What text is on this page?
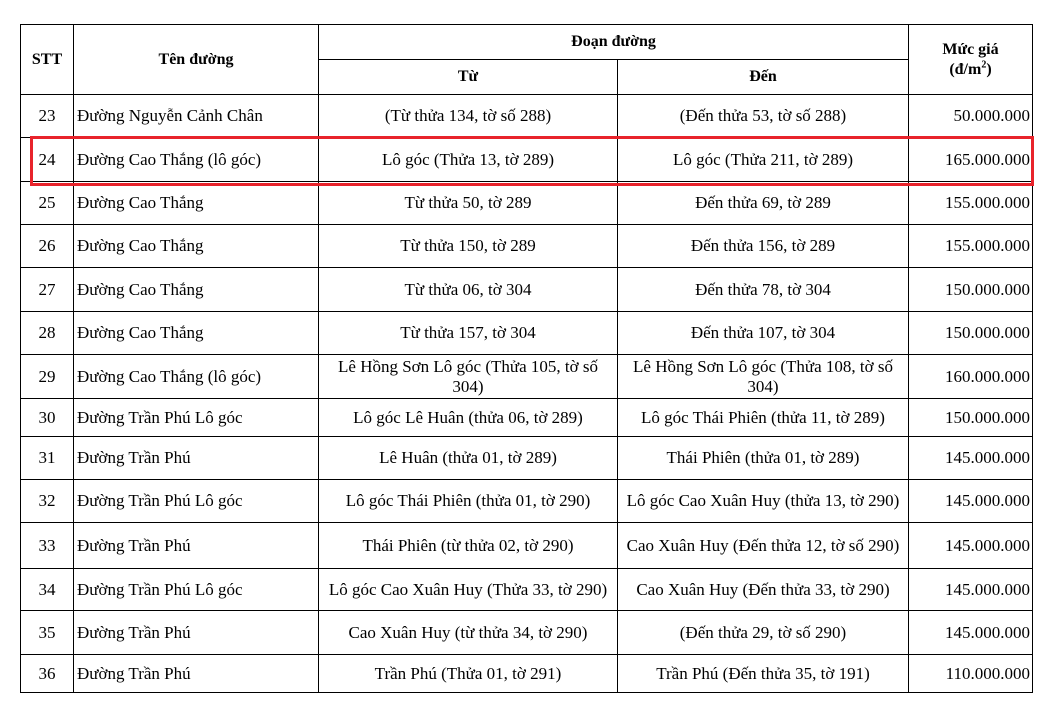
STT	Tên đường	Đoạn đường		Mức giá
$(đ/m^2)$
		Từ	Đến	
23	Đường Nguyễn Cảnh Chân	(Từ thửa 134, tờ số 288)	(Đến thửa 53, tờ số 288)	50.000.000
24	Đường Cao Thắng (lô góc)	Lô góc (Thửa 13, tờ 289)	Lô góc (Thửa 211, tờ 289)	165.000.000
25	Đường Cao Thắng	Từ thửa 50, tờ 289	Đến thửa 69, tờ 289	155.000.000
26	Đường Cao Thắng	Từ thửa 150, tờ 289	Đến thửa 156, tờ 289	155.000.000
27	Đường Cao Thắng	Từ thửa 06, tờ 304	Đến thửa 78, tờ 304	150.000.000
28	Đường Cao Thắng	Từ thửa 157, tờ 304	Đến thửa 107, tờ 304	150.000.000
29	Đường Cao Thắng (lô góc)	Lê Hồng Sơn Lô góc (Thửa 105, tờ số 304)	Lê Hồng Sơn Lô góc (Thửa 108, tờ số 304)	160.000.000
30	Đường Trần Phú Lô góc	Lô góc Lê Huân (thửa 06, tờ 289)	Lô góc Thái Phiên (thửa 11, tờ 289)	150.000.000
31	Đường Trần Phú	Lê Huân (thửa 01, tờ 289)	Thái Phiên (thửa 01, tờ 289)	145.000.000
32	Đường Trần Phú Lô góc	Lô góc Thái Phiên (thửa 01, tờ 290)	Lô góc Cao Xuân Huy (thửa 13, tờ 290)	145.000.000
33	Đường Trần Phú	Thái Phiên (từ thửa 02, tờ 290)	Cao Xuân Huy (Đến thửa 12, tờ số 290)	145.000.000
34	Đường Trần Phú Lô góc	Lô góc Cao Xuân Huy (Thửa 33, tờ 290)	Cao Xuân Huy (Đến thửa 33, tờ 290)	145.000.000
35	Đường Trần Phú	Cao Xuân Huy (từ thửa 34, tờ 290)	(Đến thửa 29, tờ số 290)	145.000.000
36	Đường Trần Phú	Trần Phú (Thửa 01, tờ 291)	Trần Phú (Đến thửa 35, tờ 191)	110.000.000
